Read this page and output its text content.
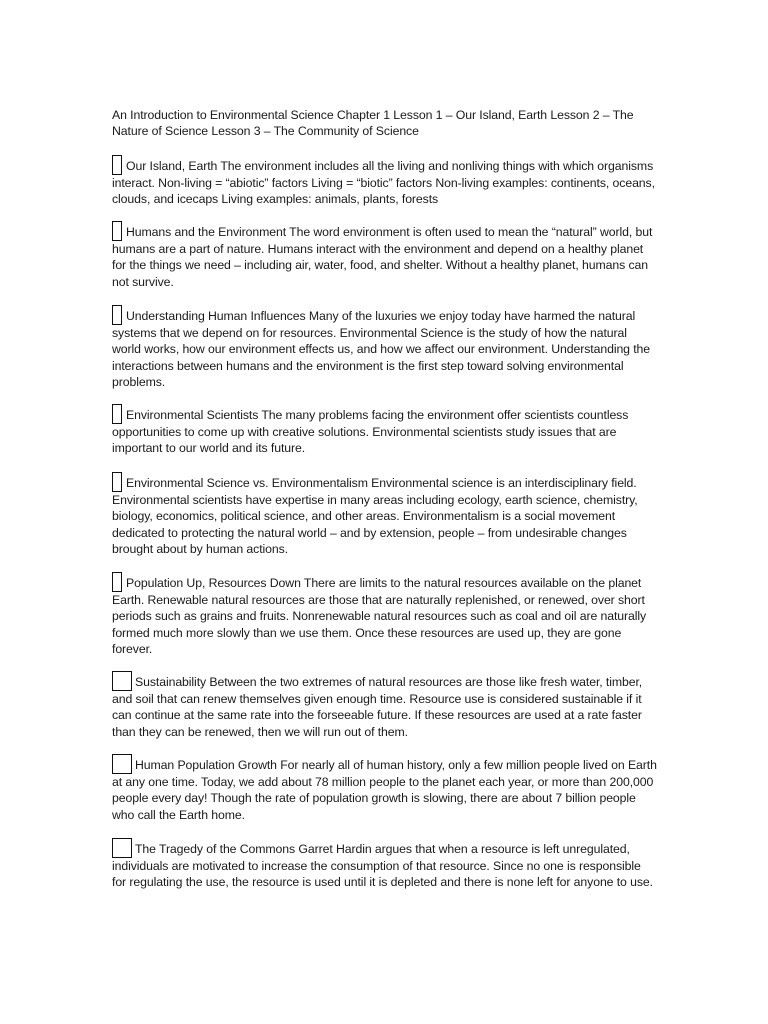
An Introduction to Environmental Science Chapter 1 Lesson 1 – Our Island, Earth Lesson 2 – The Nature of Science Lesson 3 – The Community of Science

Our Island, Earth The environment includes all the living and nonliving things with which organisms interact. Non-living = “abiotic” factors Living = “biotic” factors Non-living examples: continents, oceans, clouds, and icecaps Living examples: animals, plants, forests

Humans and the Environment The word environment is often used to mean the “natural” world, but humans are a part of nature. Humans interact with the environment and depend on a healthy planet for the things we need – including air, water, food, and shelter. Without a healthy planet, humans can not survive.

Understanding Human Influences Many of the luxuries we enjoy today have harmed the natural systems that we depend on for resources. Environmental Science is the study of how the natural world works, how our environment effects us, and how we affect our environment. Understanding the interactions between humans and the environment is the first step toward solving environmental problems.

Environmental Scientists The many problems facing the environment offer scientists countless opportunities to come up with creative solutions. Environmental scientists study issues that are important to our world and its future.

Environmental Science vs. Environmentalism Environmental science is an interdisciplinary field. Environmental scientists have expertise in many areas including ecology, earth science, chemistry, biology, economics, political science, and other areas. Environmentalism is a social movement dedicated to protecting the natural world – and by extension, people – from undesirable changes brought about by human actions.

Population Up, Resources Down There are limits to the natural resources available on the planet Earth. Renewable natural resources are those that are naturally replenished, or renewed, over short periods such as grains and fruits. Nonrenewable natural resources such as coal and oil are naturally formed much more slowly than we use them. Once these resources are used up, they are gone forever.

Sustainability Between the two extremes of natural resources are those like fresh water, timber, and soil that can renew themselves given enough time. Resource use is considered sustainable if it can continue at the same rate into the forseeable future. If these resources are used at a rate faster than they can be renewed, then we will run out of them.

Human Population Growth For nearly all of human history, only a few million people lived on Earth at any one time. Today, we add about 78 million people to the planet each year, or more than 200,000 people every day! Though the rate of population growth is slowing, there are about 7 billion people who call the Earth home.

The Tragedy of the Commons Garret Hardin argues that when a resource is left unregulated, individuals are motivated to increase the consumption of that resource. Since no one is responsible for regulating the use, the resource is used until it is depleted and there is none left for anyone to use.
